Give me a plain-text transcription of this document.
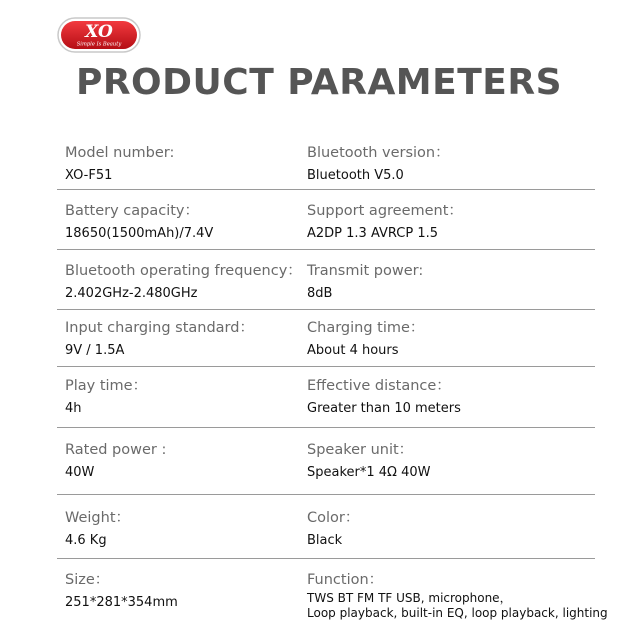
XO
Simple Is Beauty
PRODUCT PARAMETERS
Model number:
XO-F51
Bluetooth version：
Bluetooth V5.0
Battery capacity：
18650(1500mAh)/7.4V
Support agreement：
A2DP 1.3 AVRCP 1.5
Bluetooth operating frequency：
2.402GHz-2.480GHz
Transmit power:
8dB
Input charging standard：
9V / 1.5A
Charging time：
About 4 hours
Play time：
4h
Effective distance：
Greater than 10 meters
Rated power :
40W
Speaker unit：
Speaker*1 4Ω 40W
Weight：
4.6 Kg
Color：
Black
Size：
251*281*354mm
Function：
TWS BT FM TF USB, microphone，
Loop playback, built-in EQ, loop playback, lighting
